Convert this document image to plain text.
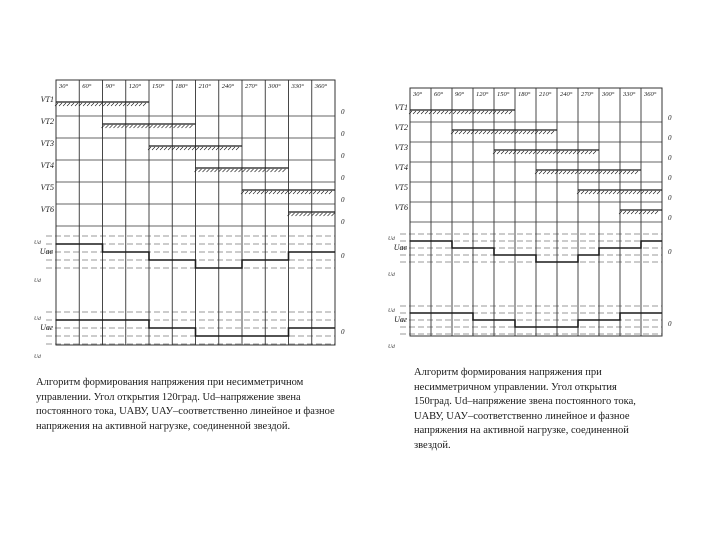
30° 60° 90° 120° 150° 180° 210° 240° 270° 300° 330° 360°
VT1
0
VT2
0
VT3
0
VT4
0
VT5
0
VT6
0
Uав
Uаг
Ud
Ud
Ud
Ud
0
0
30° 60° 90° 120° 150° 180° 210° 240° 270° 300° 330° 360°
VT1
0
VT2
0
VT3
0
VT4
0
VT5
0
VT6
0
Uав
Uаг
Ud
Ud
Ud
Ud
0
0
Алгоритм формирования напряжения при несимметричном
управлении. Угол открытия 120град. Ud–напряжение звена
постоянного тока, UАВУ, UАУ–соответственно линейное и фазное
напряжения на активной нагрузке, соединенной звездой.
Алгоритм формирования напряжения при
несимметричном управлении. Угол открытия
150град. Ud–напряжение звена постоянного тока,
UАВУ, UАУ–соответственно линейное и фазное
напряжения на активной нагрузке, соединенной
звездой.
